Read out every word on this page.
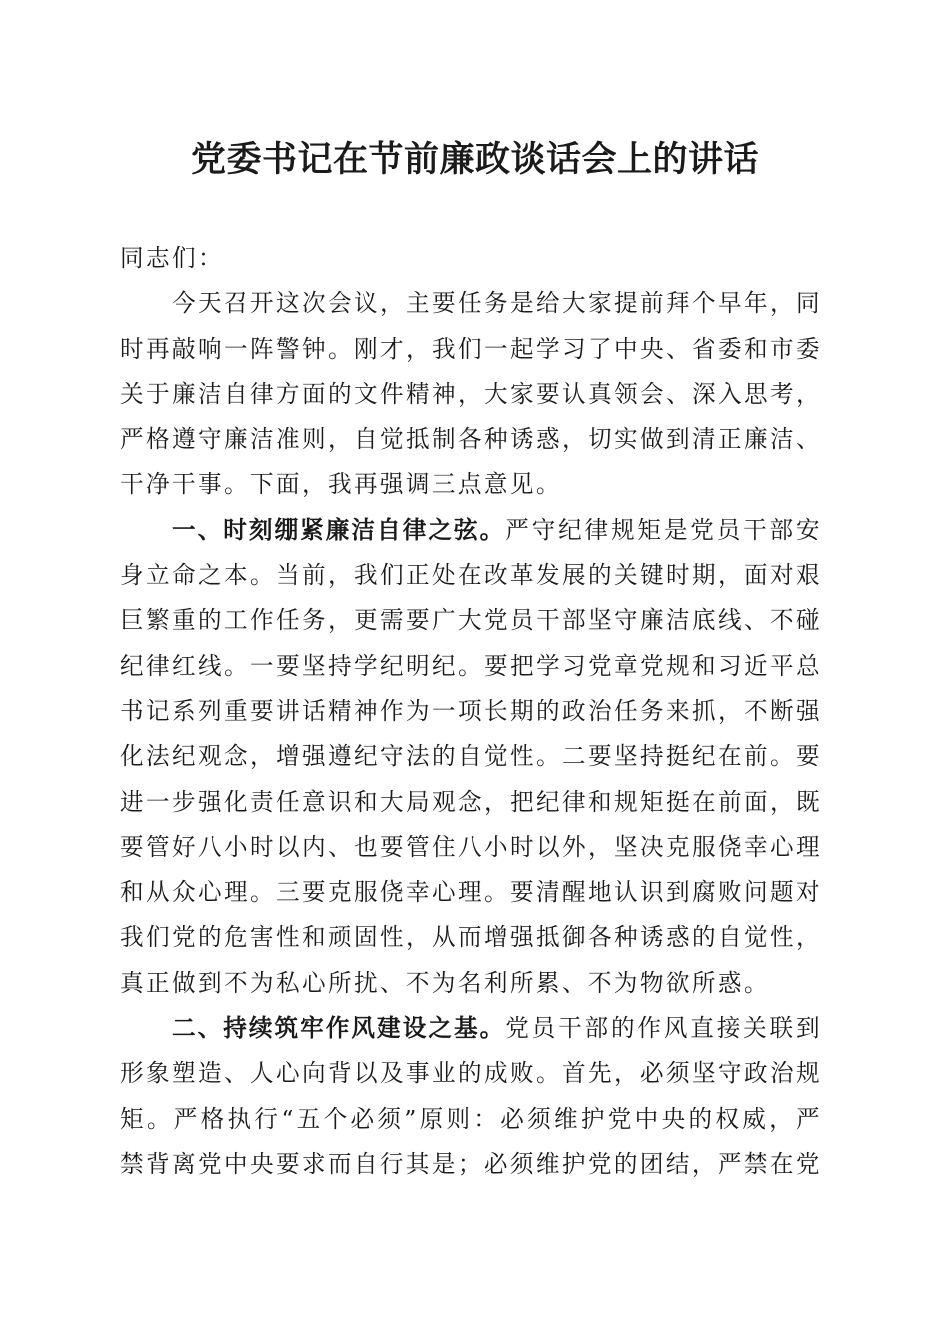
党委书记在节前廉政谈话会上的讲话

同志们：

今天召开这次会议，主要任务是给大家提前拜个早年，同时再敲响一阵警钟。刚才，我们一起学习了中央、省委和市委关于廉洁自律方面的文件精神，大家要认真领会、深入思考，严格遵守廉洁准则，自觉抵制各种诱惑，切实做到清正廉洁、干净干事。下面，我再强调三点意见。

一、时刻绷紧廉洁自律之弦。严守纪律规矩是党员干部安身立命之本。当前，我们正处在改革发展的关键时期，面对艰巨繁重的工作任务，更需要广大党员干部坚守廉洁底线、不碰纪律红线。一要坚持学纪明纪。要把学习党章党规和习近平总书记系列重要讲话精神作为一项长期的政治任务来抓，不断强化法纪观念，增强遵纪守法的自觉性。二要坚持挺纪在前。要进一步强化责任意识和大局观念，把纪律和规矩挺在前面，既要管好八小时以内、也要管住八小时以外，坚决克服侥幸心理和从众心理。三要克服侥幸心理。要清醒地认识到腐败问题对我们党的危害性和顽固性，从而增强抵御各种诱惑的自觉性，真正做到不为私心所扰、不为名利所累、不为物欲所惑。

二、持续筑牢作风建设之基。党员干部的作风直接关联到形象塑造、人心向背以及事业的成败。首先，必须坚守政治规矩。严格执行“五个必须”原则：必须维护党中央的权威，严禁背离党中央要求而自行其是；必须维护党的团结，严禁在党
